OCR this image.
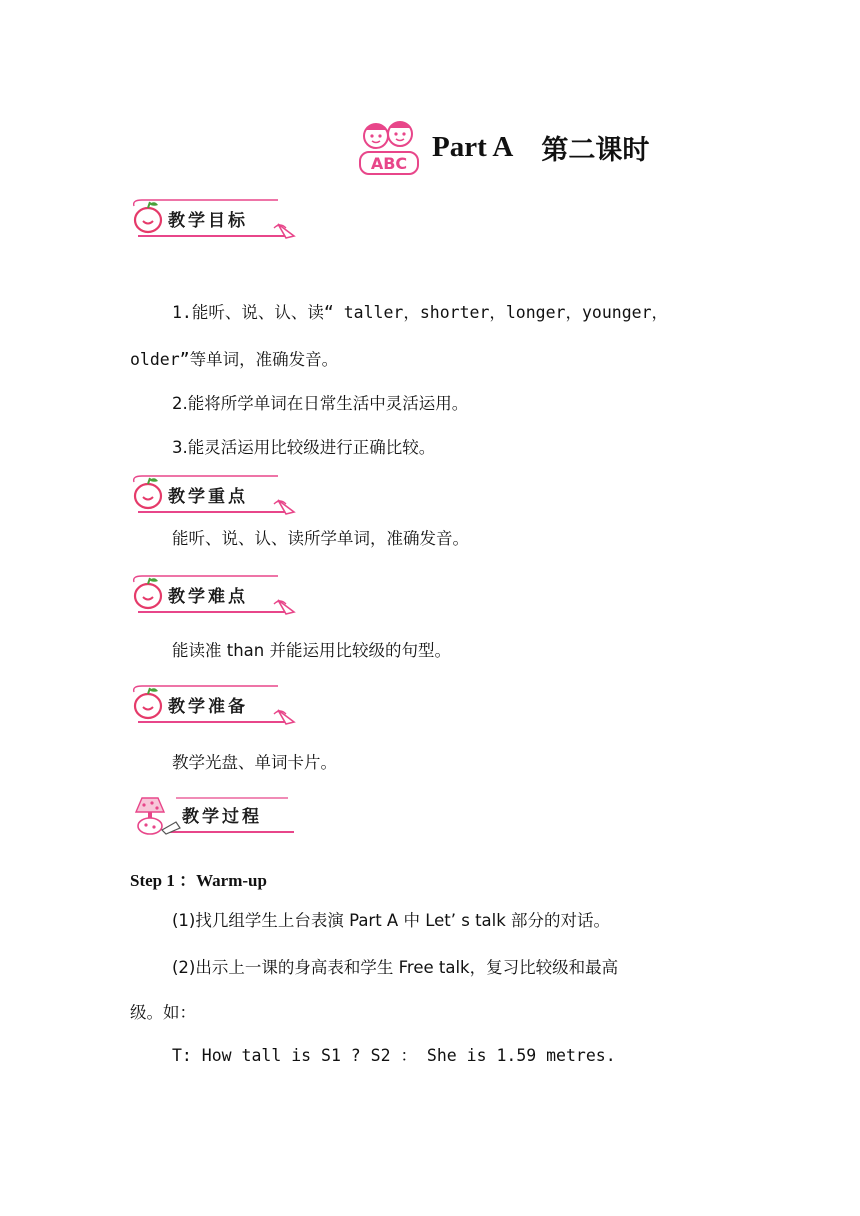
ABC
Part A 第二课时
教学目标
1.能听、说、认、读“ taller，shorter，longer，younger，
older”等单词，准确发音。
2.能将所学单词在日常生活中灵活运用。
3.能灵活运用比较级进行正确比较。
教学重点
能听、说、认、读所学单词，准确发音。
教学难点
能读准 than 并能运用比较级的句型。
教学准备
教学光盘、单词卡片。
教学过程
Step 1 ：Warm-up
(1)找几组学生上台表演 Part A 中 Let’ s talk 部分的对话。
(2)出示上一课的身高表和学生 Free talk，复习比较级和最高
级。如：
T: How tall is S1 ? S2 ： She is 1.59 metres.
